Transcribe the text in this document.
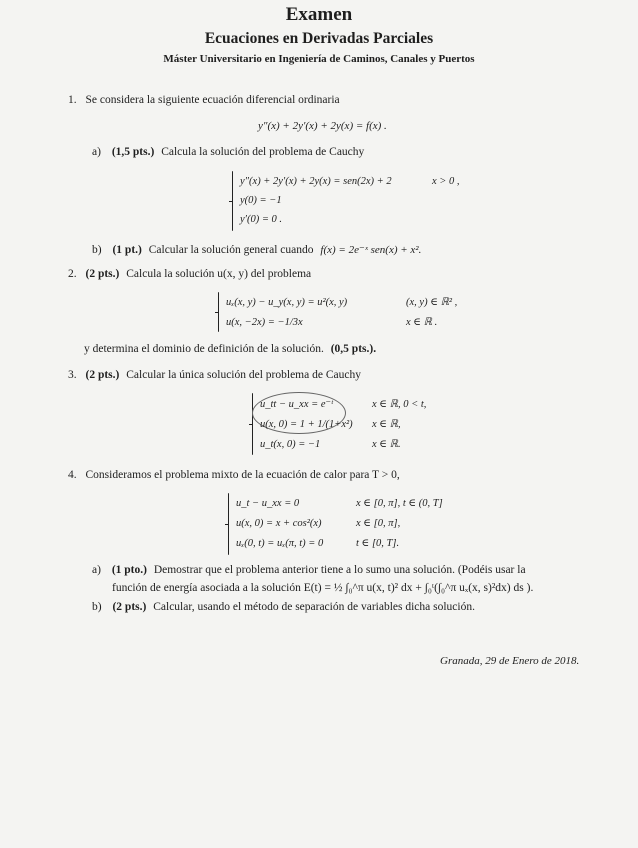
Examen
Ecuaciones en Derivadas Parciales
Máster Universitario en Ingeniería de Caminos, Canales y Puertos
1. Se considera la siguiente ecuación diferencial ordinaria
y″(x) + 2y′(x) + 2y(x) = f(x) .
a) (1,5 pts.) Calcula la solución del problema de Cauchy
y″(x) + 2y′(x) + 2y(x) = sen(2x) + 2	x > 0 ,
y(0) = −1
y′(0) = 0 .
b) (1 pt.) Calcular la solución general cuando f(x) = 2e⁻ˣ sen(x) + x².
2. (2 pts.) Calcula la solución u(x, y) del problema
uₓ(x, y) − u_y(x, y) = u²(x, y)	(x, y) ∈ ℝ² ,
u(x, −2x) = −1/3x	x ∈ ℝ .
y determina el dominio de definición de la solución. (0,5 pts.).
3. (2 pts.) Calcular la única solución del problema de Cauchy
u_tt − u_xx = e⁻ᵗ	x ∈ ℝ, 0 < t,
u(x, 0) = 1 + 1/(1+x²) x ∈ ℝ,
u_t(x, 0) = −1	x ∈ ℝ.
4. Consideramos el problema mixto de la ecuación de calor para T > 0,
u_t − u_xx = 0	x ∈ [0, π], t ∈ (0, T]
u(x, 0) = x + cos²(x)	x ∈ [0, π],
uₓ(0, t) = uₓ(π, t) = 0	t ∈ [0, T].
a) (1 pto.) Demostrar que el problema anterior tiene a lo sumo una solución. (Podéis usar la
función de energía asociada a la solución E(t) = ½ ∫₀^π u(x, t)² dx + ∫₀ᵗ(∫₀^π uₓ(x, s)²dx) ds ).
b) (2 pts.) Calcular, usando el método de separación de variables dicha solución.
Granada, 29 de Enero de 2018.
